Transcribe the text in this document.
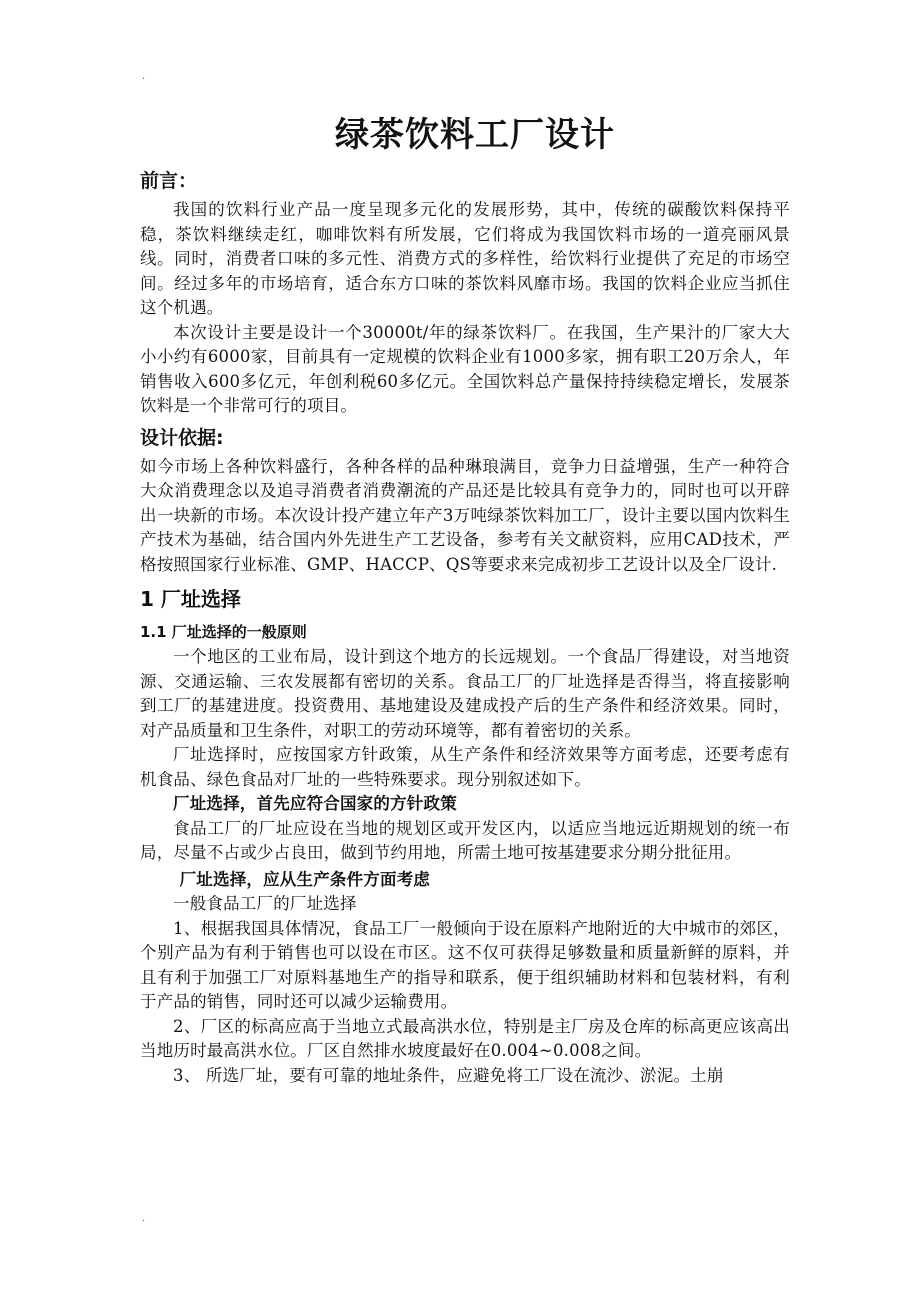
.
绿茶饮料工厂设计
前言：

我国的饮料行业产品一度呈现多元化的发展形势，其中，传统的碳酸饮料保持平稳，茶饮料继续走红，咖啡饮料有所发展，它们将成为我国饮料市场的一道亮丽风景线。同时，消费者口味的多元性、消费方式的多样性，给饮料行业提供了充足的市场空间。经过多年的市场培育，适合东方口味的茶饮料风靡市场。我国的饮料企业应当抓住这个机遇。

本次设计主要是设计一个30000t/年的绿茶饮料厂。在我国，生产果汁的厂家大大小小约有6000家，目前具有一定规模的饮料企业有1000多家，拥有职工20万余人，年销售收入600多亿元，年创利税60多亿元。全国饮料总产量保持持续稳定增长，发展茶饮料是一个非常可行的项目。

设计依据:

如今市场上各种饮料盛行，各种各样的品种琳琅满目，竞争力日益增强，生产一种符合大众消费理念以及追寻消费者消费潮流的产品还是比较具有竞争力的，同时也可以开辟出一块新的市场。本次设计投产建立年产3万吨绿茶饮料加工厂，设计主要以国内饮料生产技术为基础，结合国内外先进生产工艺设备，参考有关文献资料，应用CAD技术，严格按照国家行业标准、GMP、HACCP、QS等要求来完成初步工艺设计以及全厂设计.

1 厂址选择
1.1 厂址选择的一般原则

一个地区的工业布局，设计到这个地方的长远规划。一个食品厂得建设，对当地资源、交通运输、三农发展都有密切的关系。食品工厂的厂址选择是否得当，将直接影响到工厂的基建进度。投资费用、基地建设及建成投产后的生产条件和经济效果。同时，对产品质量和卫生条件，对职工的劳动环境等，都有着密切的关系。

厂址选择时，应按国家方针政策，从生产条件和经济效果等方面考虑，还要考虑有机食品、绿色食品对厂址的一些特殊要求。现分别叙述如下。

厂址选择，首先应符合国家的方针政策

食品工厂的厂址应设在当地的规划区或开发区内，以适应当地远近期规划的统一布局，尽量不占或少占良田，做到节约用地，所需土地可按基建要求分期分批征用。

厂址选择，应从生产条件方面考虑

一般食品工厂的厂址选择

1、根据我国具体情况，食品工厂一般倾向于设在原料产地附近的大中城市的郊区，个别产品为有利于销售也可以设在市区。这不仅可获得足够数量和质量新鲜的原料，并且有利于加强工厂对原料基地生产的指导和联系，便于组织辅助材料和包装材料，有利于产品的销售，同时还可以减少运输费用。

2、厂区的标高应高于当地立式最高洪水位，特别是主厂房及仓库的标高更应该高出当地历时最高洪水位。厂区自然排水坡度最好在0.004~0.008之间。

3、 所选厂址，要有可靠的地址条件，应避免将工厂设在流沙、淤泥。土崩

.
